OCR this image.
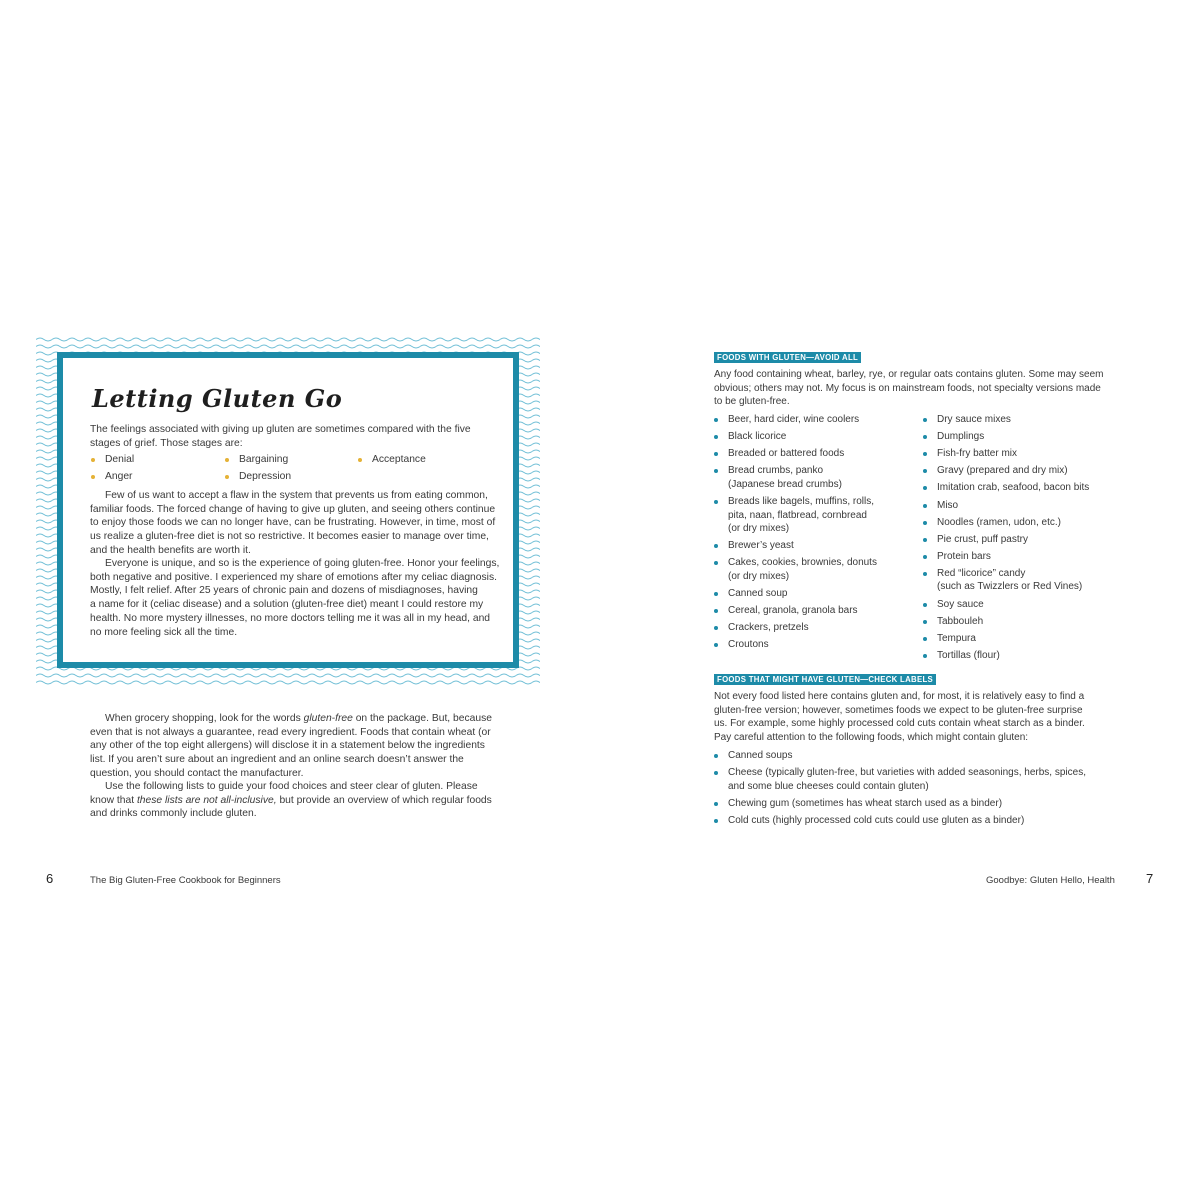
Letting Gluten Go

The feelings associated with giving up gluten are sometimes compared with the five
stages of grief. Those stages are:

Denial	Bargaining	Acceptance
Anger	Depression

Few of us want to accept a flaw in the system that prevents us from eating common,
familiar foods. The forced change of having to give up gluten, and seeing others continue
to enjoy those foods we can no longer have, can be frustrating. However, in time, most of
us realize a gluten-free diet is not so restrictive. It becomes easier to manage over time,
and the health benefits are worth it.

Everyone is unique, and so is the experience of going gluten-free. Honor your feelings,
both negative and positive. I experienced my share of emotions after my celiac diagnosis.
Mostly, I felt relief. After 25 years of chronic pain and dozens of misdiagnoses, having
a name for it (celiac disease) and a solution (gluten-free diet) meant I could restore my
health. No more mystery illnesses, no more doctors telling me it was all in my head, and
no more feeling sick all the time.

When grocery shopping, look for the words gluten-free on the package. But, because
even that is not always a guarantee, read every ingredient. Foods that contain wheat (or
any other of the top eight allergens) will disclose it in a statement below the ingredients
list. If you aren’t sure about an ingredient and an online search doesn’t answer the
question, you should contact the manufacturer.

Use the following lists to guide your food choices and steer clear of gluten. Please
know that these lists are not all-inclusive, but provide an overview of which regular foods
and drinks commonly include gluten.

6	The Big Gluten-Free Cookbook for Beginners
FOODS WITH GLUTEN—AVOID ALL

Any food containing wheat, barley, rye, or regular oats contains gluten. Some may seem
obvious; others may not. My focus is on mainstream foods, not specialty versions made
to be gluten-free.

Beer, hard cider, wine coolers
Black licorice
Breaded or battered foods
Bread crumbs, panko
(Japanese bread crumbs)
Breads like bagels, muffins, rolls,
pita, naan, flatbread, cornbread
(or dry mixes)
Brewer’s yeast
Cakes, cookies, brownies, donuts
(or dry mixes)
Canned soup
Cereal, granola, granola bars
Crackers, pretzels
Croutons
Dry sauce mixes
Dumplings
Fish-fry batter mix
Gravy (prepared and dry mix)
Imitation crab, seafood, bacon bits
Miso
Noodles (ramen, udon, etc.)
Pie crust, puff pastry
Protein bars
Red “licorice” candy
(such as Twizzlers or Red Vines)
Soy sauce
Tabbouleh
Tempura
Tortillas (flour)
FOODS THAT MIGHT HAVE GLUTEN—CHECK LABELS

Not every food listed here contains gluten and, for most, it is relatively easy to find a
gluten-free version; however, sometimes foods we expect to be gluten-free surprise
us. For example, some highly processed cold cuts contain wheat starch as a binder.
Pay careful attention to the following foods, which might contain gluten:

Canned soups
Cheese (typically gluten-free, but varieties with added seasonings, herbs, spices,
and some blue cheeses could contain gluten)
Chewing gum (sometimes has wheat starch used as a binder)
Cold cuts (highly processed cold cuts could use gluten as a binder)
Goodbye: Gluten Hello, Health 7
